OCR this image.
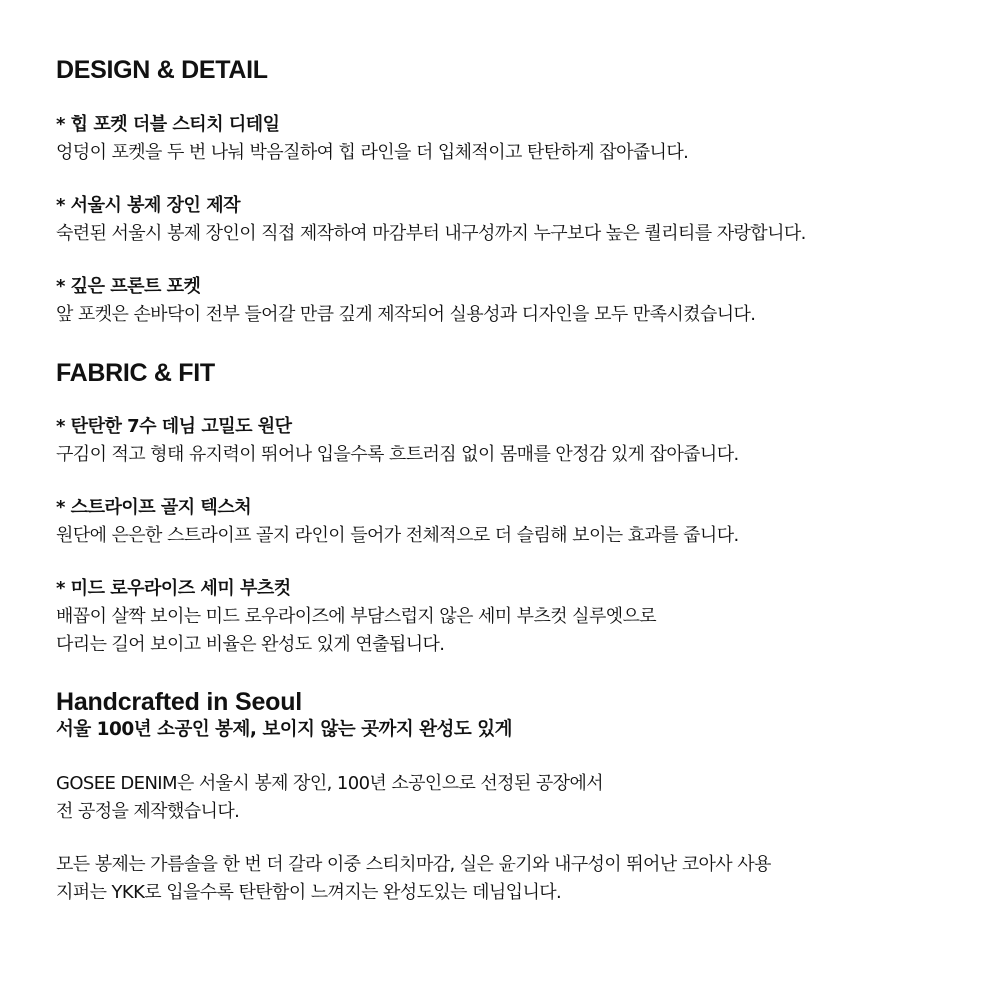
DESIGN & DETAIL
* 힙 포켓 더블 스티치 디테일
엉덩이 포켓을 두 번 나눠 박음질하여 힙 라인을 더 입체적이고 탄탄하게 잡아줍니다.
* 서울시 봉제 장인 제작
숙련된 서울시 봉제 장인이 직접 제작하여 마감부터 내구성까지 누구보다 높은 퀄리티를 자랑합니다.
* 깊은 프론트 포켓
앞 포켓은 손바닥이 전부 들어갈 만큼 깊게 제작되어 실용성과 디자인을 모두 만족시켰습니다.
FABRIC & FIT
* 탄탄한 7수 데님 고밀도 원단
구김이 적고 형태 유지력이 뛰어나 입을수록 흐트러짐 없이 몸매를 안정감 있게 잡아줍니다.
* 스트라이프 골지 텍스처
원단에 은은한 스트라이프 골지 라인이 들어가 전체적으로 더 슬림해 보이는 효과를 줍니다.
* 미드 로우라이즈 세미 부츠컷
배꼽이 살짝 보이는 미드 로우라이즈에 부담스럽지 않은 세미 부츠컷 실루엣으로
다리는 길어 보이고 비율은 완성도 있게 연출됩니다.
Handcrafted in Seoul
서울 100년 소공인 봉제, 보이지 않는 곳까지 완성도 있게
GOSEE DENIM은 서울시 봉제 장인, 100년 소공인으로 선정된 공장에서
전 공정을 제작했습니다.
모든 봉제는 가름솔을 한 번 더 갈라 이중 스티치마감, 실은 윤기와 내구성이 뛰어난 코아사 사용
지퍼는 YKK로 입을수록 탄탄함이 느껴지는 완성도있는 데님입니다.
